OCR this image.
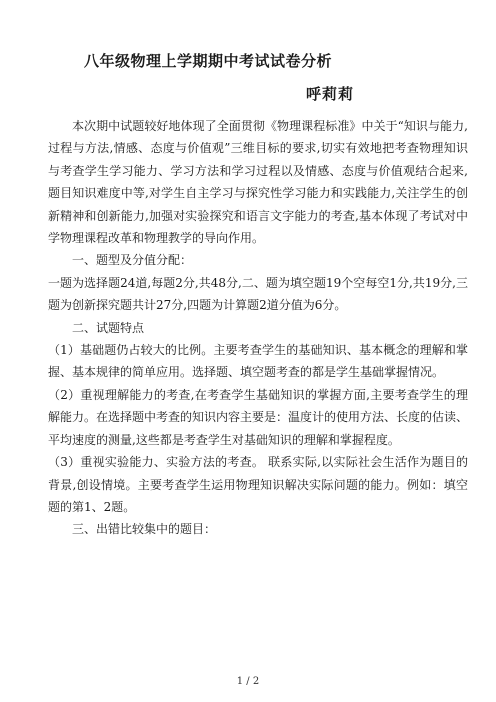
八年级物理上学期期中考试试卷分析
呼莉莉

本次期中试题较好地体现了全面贯彻《物理课程标准》中关于“知识与能力,过程与方法,情感、态度与价值观”三维目标的要求,切实有效地把考查物理知识与考查学生学习能力、学习方法和学习过程以及情感、态度与价值观结合起来,题目知识难度中等,对学生自主学习与探究性学习能力和实践能力,关注学生的创新精神和创新能力,加强对实验探究和语言文字能力的考查,基本体现了考试对中学物理课程改革和物理教学的导向作用。

一、题型及分值分配：

一题为选择题24道,每题2分,共48分,二、题为填空题19个空每空1分,共19分,三题为创新探究题共计27分,四题为计算题2道分值为6分。

二、试题特点

（1）基础题仍占较大的比例。主要考查学生的基础知识、基本概念的理解和掌握、基本规律的简单应用。选择题、填空题考查的都是学生基础掌握情况。

（2）重视理解能力的考查,在考查学生基础知识的掌握方面,主要考查学生的理解能力。在选择题中考查的知识内容主要是：温度计的使用方法、长度的估读、平均速度的测量,这些都是考查学生对基础知识的理解和掌握程度。

（3）重视实验能力、实验方法的考查。 联系实际,以实际社会生活作为题目的背景,创设情境。主要考查学生运用物理知识解决实际问题的能力。例如：填空题的第1、2题。

三、出错比较集中的题目：

1 / 2
